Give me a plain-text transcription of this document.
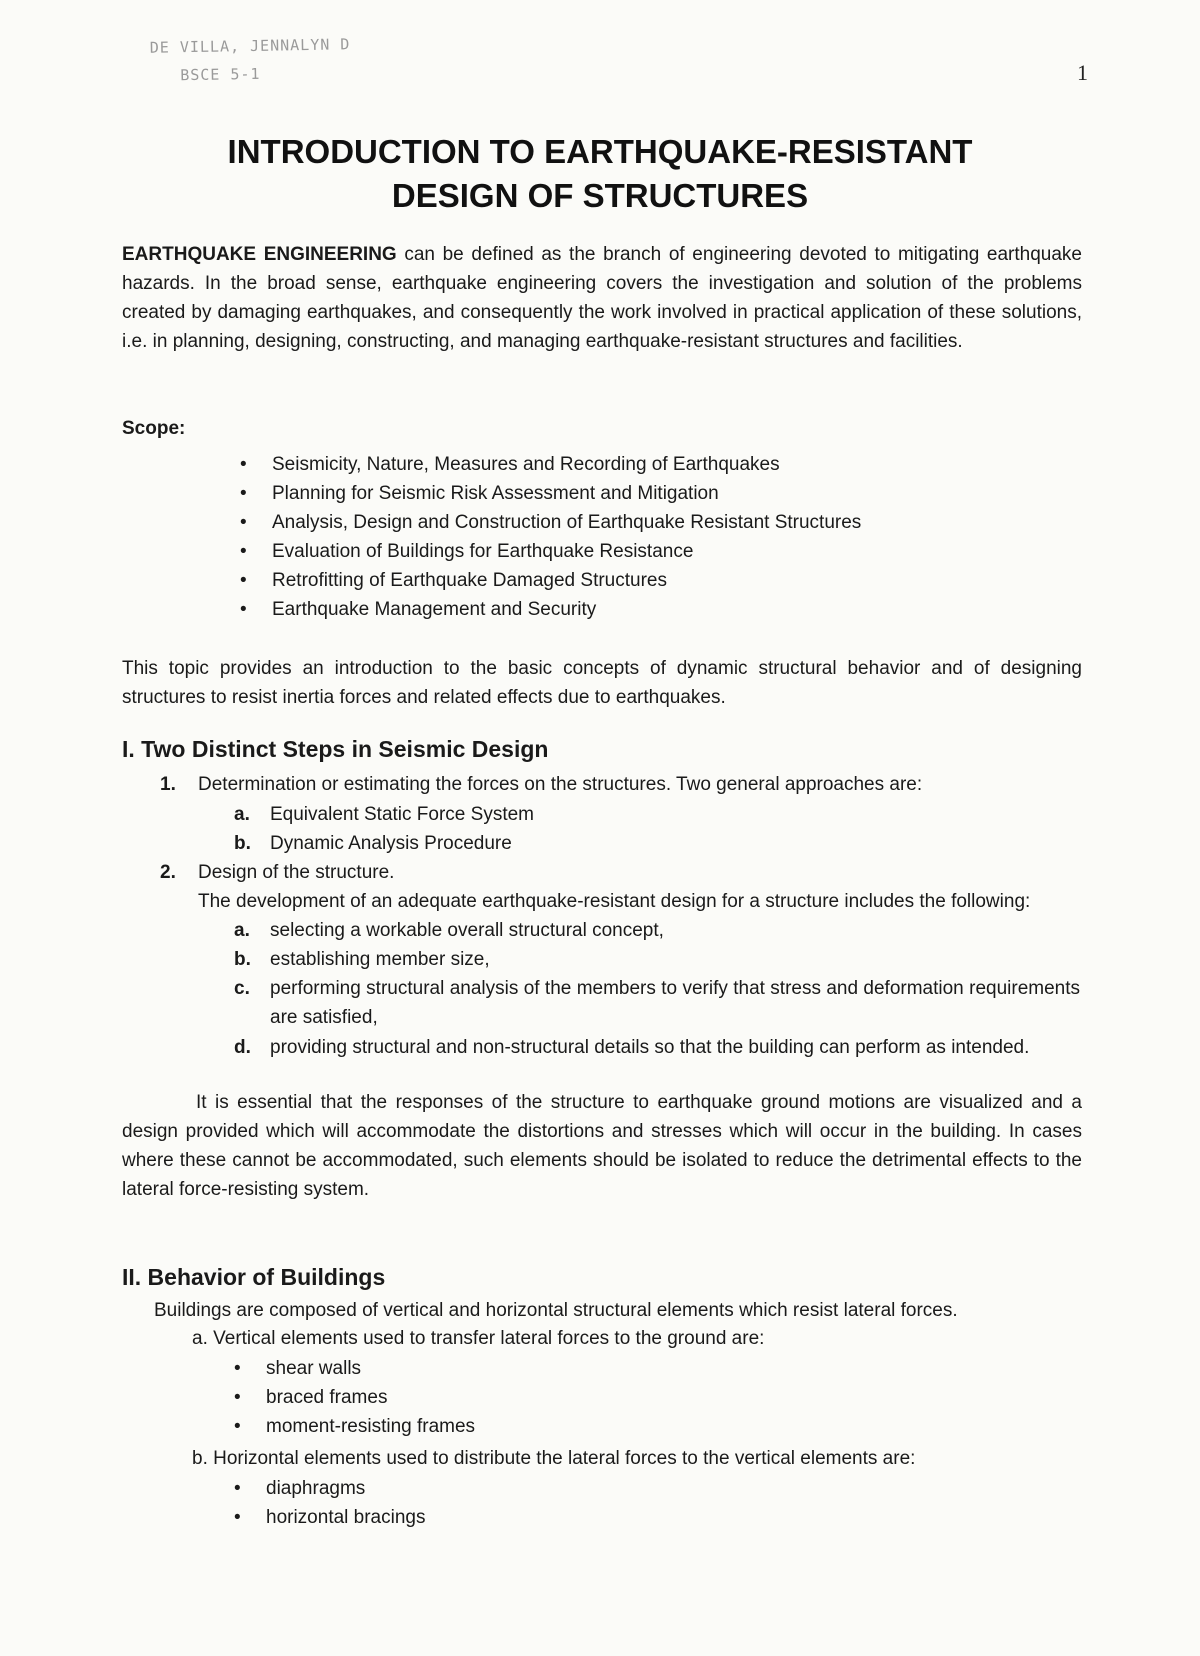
DE VILLA, JENNALYN D
BSCE 5-1	1
INTRODUCTION TO EARTHQUAKE-RESISTANT
DESIGN OF STRUCTURES
EARTHQUAKE ENGINEERING can be defined as the branch of engineering devoted to mitigating earthquake hazards. In the broad sense, earthquake engineering covers the investigation and solution of the problems created by damaging earthquakes, and consequently the work involved in practical application of these solutions, i.e. in planning, designing, constructing, and managing earthquake-resistant structures and facilities.
Scope:
• Seismicity, Nature, Measures and Recording of Earthquakes
• Planning for Seismic Risk Assessment and Mitigation
• Analysis, Design and Construction of Earthquake Resistant Structures
• Evaluation of Buildings for Earthquake Resistance
• Retrofitting of Earthquake Damaged Structures
• Earthquake Management and Security
This topic provides an introduction to the basic concepts of dynamic structural behavior and of designing structures to resist inertia forces and related effects due to earthquakes.
I. Two Distinct Steps in Seismic Design
1.	Determination or estimating the forces on the structures. Two general approaches are:
a.	Equivalent Static Force System
b.	Dynamic Analysis Procedure
2.	Design of the structure.
The development of an adequate earthquake-resistant design for a structure includes the following:
a.	selecting a workable overall structural concept,
b.	establishing member size,
c.	performing structural analysis of the members to verify that stress and deformation requirements are satisfied,
d.	providing structural and non-structural details so that the building can perform as intended.
It is essential that the responses of the structure to earthquake ground motions are visualized and a design provided which will accommodate the distortions and stresses which will occur in the building. In cases where these cannot be accommodated, such elements should be isolated to reduce the detrimental effects to the lateral force-resisting system.
II. Behavior of Buildings
Buildings are composed of vertical and horizontal structural elements which resist lateral forces.
a. Vertical elements used to transfer lateral forces to the ground are:
• shear walls
• braced frames
• moment-resisting frames
b. Horizontal elements used to distribute the lateral forces to the vertical elements are:
• diaphragms
• horizontal bracings
